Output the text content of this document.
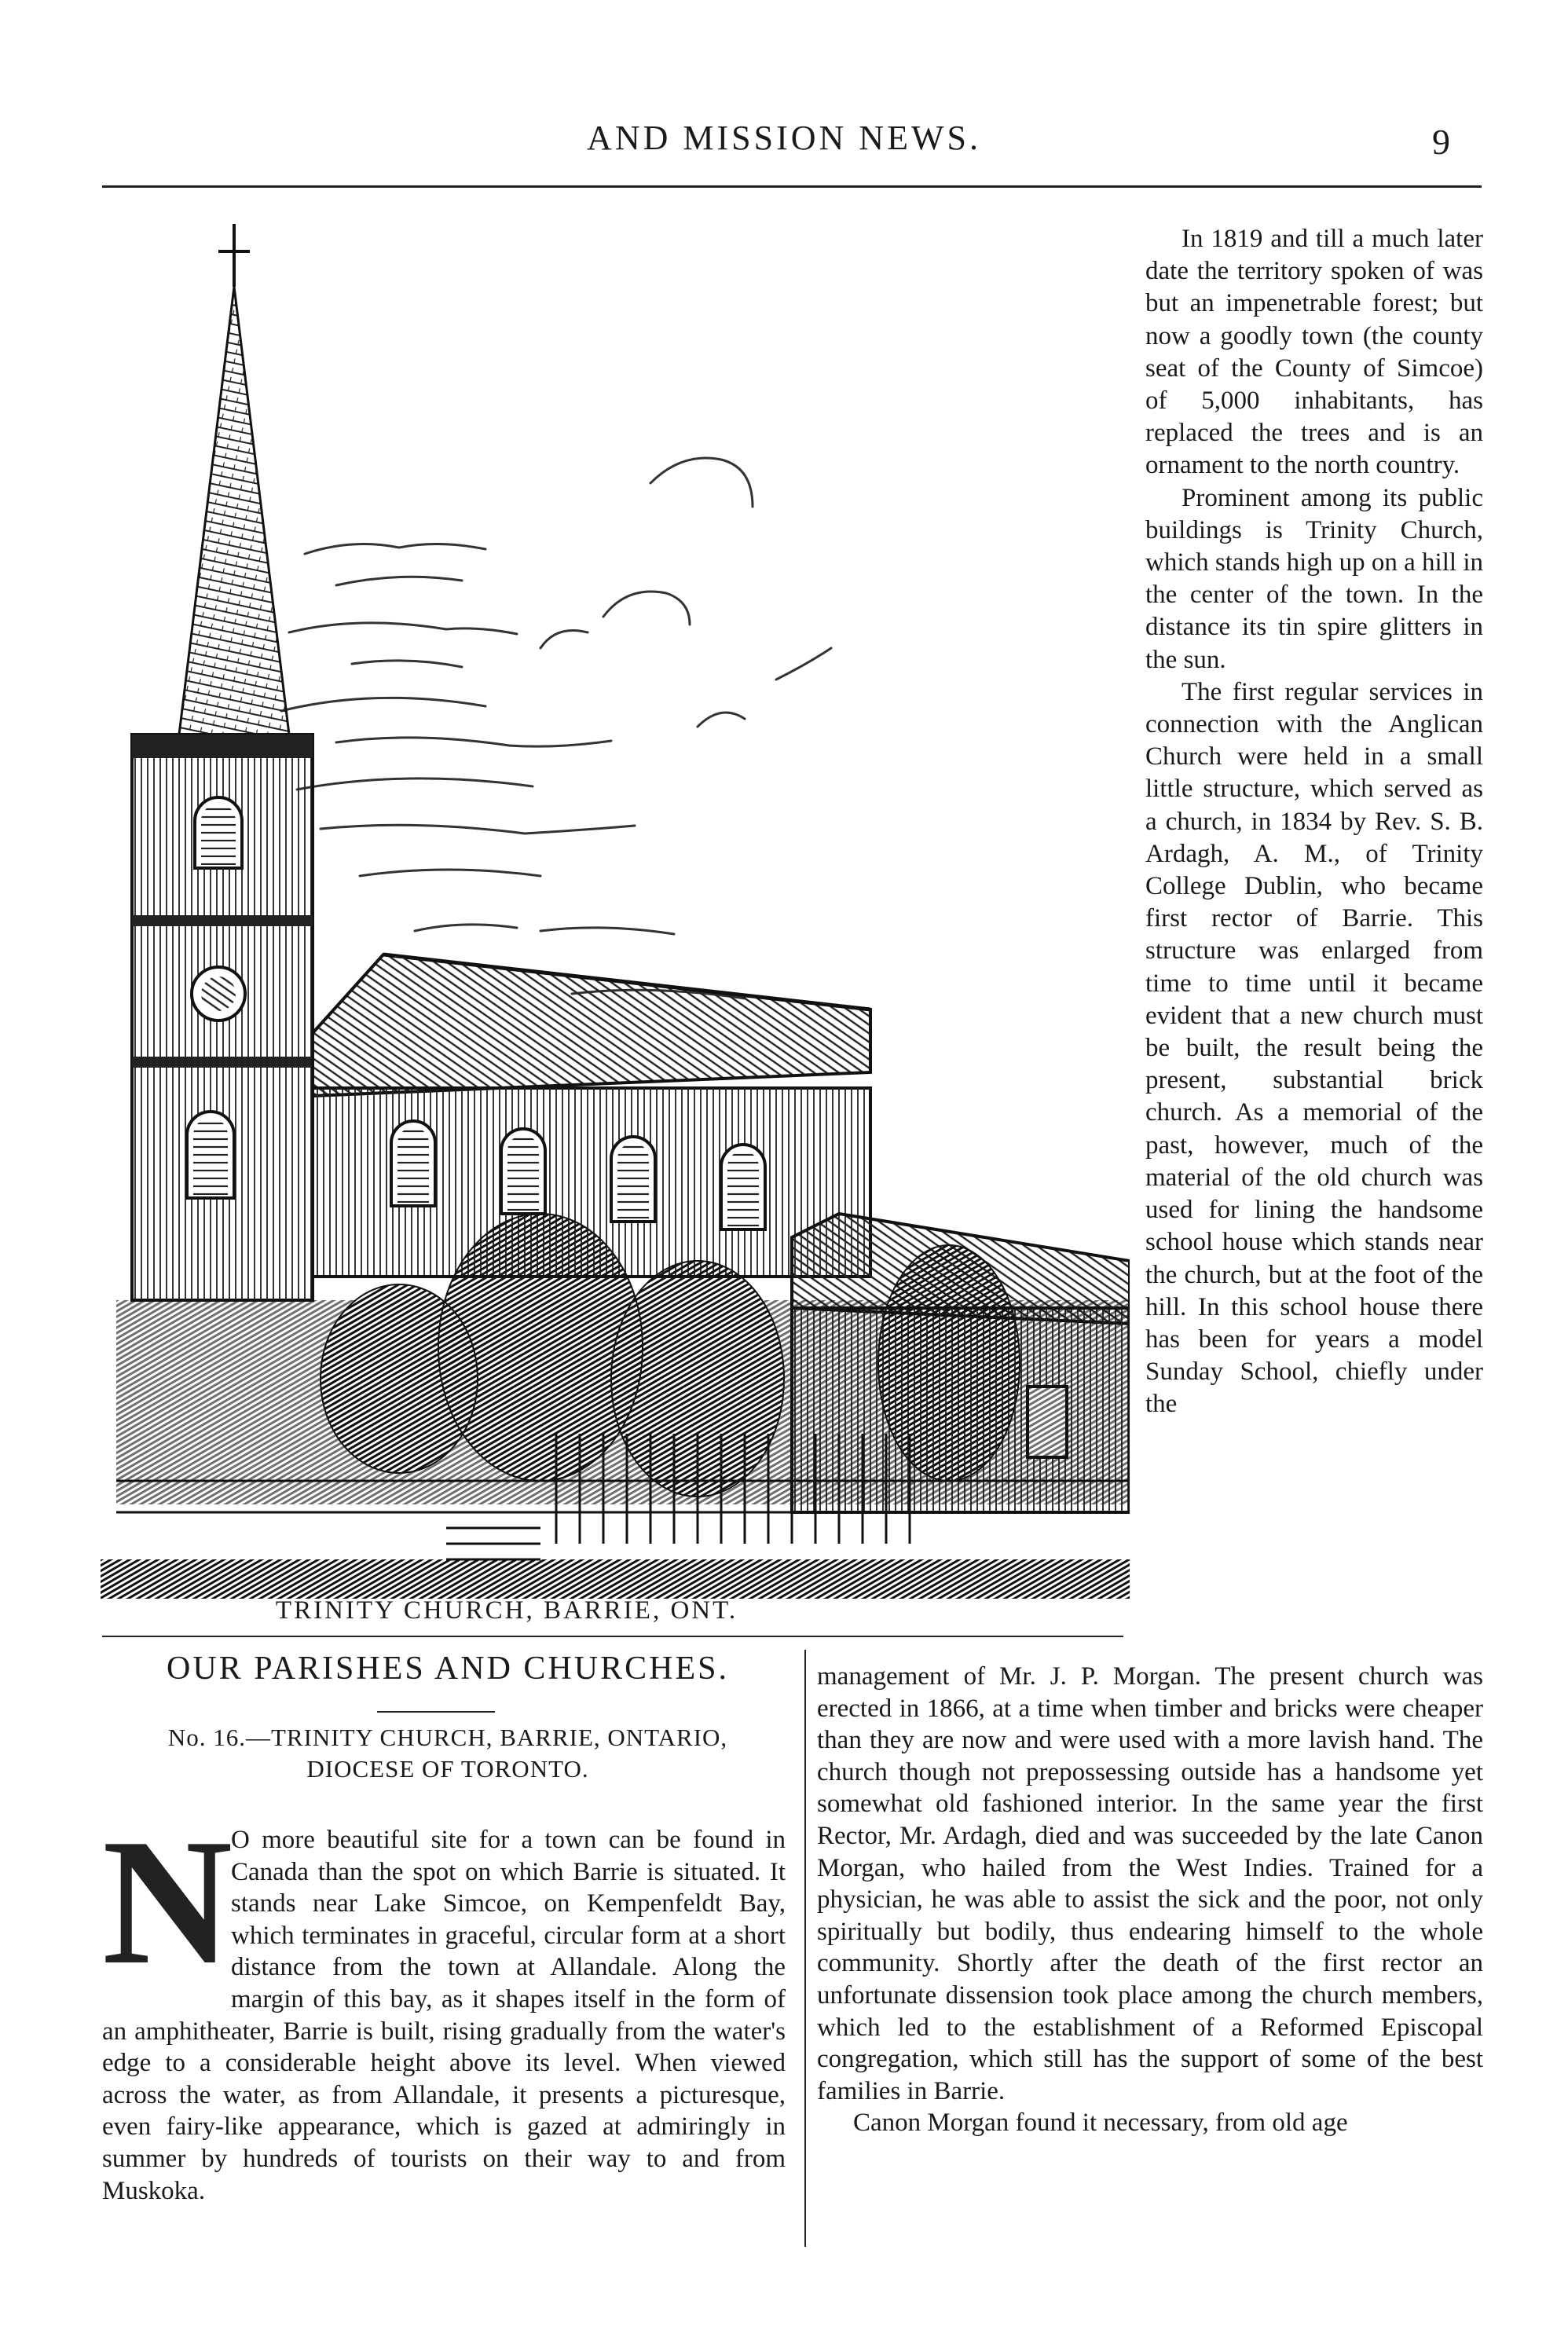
AND MISSION NEWS.	9
TRINITY CHURCH, BARRIE, ONT.

In 1819 and till a much later date the territory spoken of was but an impenetrable forest; but now a goodly town (the county seat of the County of Simcoe) of 5,000 inhabitants, has replaced the trees and is an ornament to the north country.

Prominent among its public buildings is Trinity Church, which stands high up on a hill in the center of the town. In the distance its tin spire glitters in the sun.

The first regular services in connection with the Anglican Church were held in a small little structure, which served as a church, in 1834 by Rev. S. B. Ardagh, A. M., of Trinity College Dublin, who became first rector of Barrie. This structure was enlarged from time to time until it became evident that a new church must be built, the result being the present, substantial brick church. As a memorial of the past, however, much of the material of the old church was used for lining the handsome school house which stands near the church, but at the foot of the hill. In this school house there has been for years a model Sunday School, chiefly under the

OUR PARISHES AND CHURCHES.
No. 16.—TRINITY CHURCH, BARRIE, ONTARIO,
DIOCESE OF TORONTO.
N
O more beautiful site for a town can be found in Canada than the spot on which Barrie is situated. It stands near Lake Simcoe, on Kempenfeldt Bay, which terminates in graceful, circular form at a short distance from the town at Allandale. Along the margin of this bay, as it shapes itself in the form of an amphitheater, Barrie is built, rising gradually from the water's edge to a considerable height above its level. When viewed across the water, as from Allandale, it presents a picturesque, even fairy-like appearance, which is gazed at admiringly in summer by hundreds of tourists on their way to and from Muskoka.

management of Mr. J. P. Morgan. The present church was erected in 1866, at a time when timber and bricks were cheaper than they are now and were used with a more lavish hand. The church though not prepossessing outside has a handsome yet somewhat old fashioned interior. In the same year the first Rector, Mr. Ardagh, died and was succeeded by the late Canon Morgan, who hailed from the West Indies. Trained for a physician, he was able to assist the sick and the poor, not only spiritually but bodily, thus endearing himself to the whole community. Shortly after the death of the first rector an unfortunate dissension took place among the church members, which led to the establishment of a Reformed Episcopal congregation, which still has the support of some of the best families in Barrie.

Canon Morgan found it necessary, from old age
